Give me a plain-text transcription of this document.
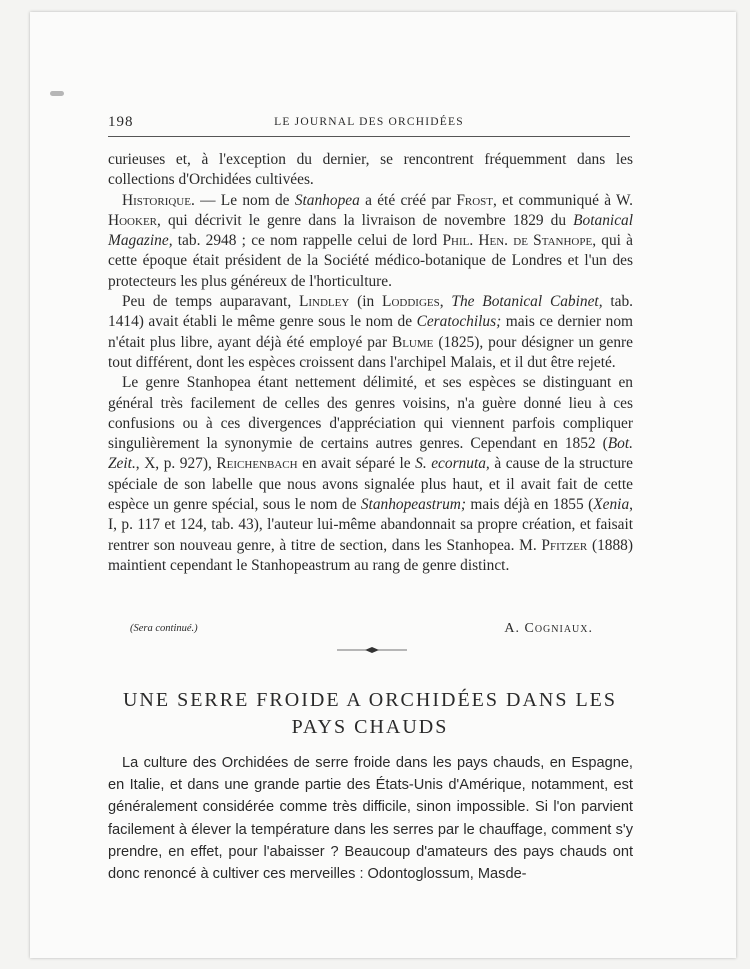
198	LE JOURNAL DES ORCHIDÉES

curieuses et, à l'exception du dernier, se rencontrent fréquemment dans les collections d'Orchidées cultivées.

Historique. — Le nom de Stanhopea a été créé par Frost, et communiqué à W. Hooker, qui décrivit le genre dans la livraison de novembre 1829 du Botanical Magazine, tab. 2948 ; ce nom rappelle celui de lord Phil. Hen. de Stanhope, qui à cette époque était président de la Société médico-botanique de Londres et l'un des protecteurs les plus généreux de l'horticulture.

Peu de temps auparavant, Lindley (in Loddiges, The Botanical Cabinet, tab. 1414) avait établi le même genre sous le nom de Ceratochilus; mais ce dernier nom n'était plus libre, ayant déjà été employé par Blume (1825), pour désigner un genre tout différent, dont les espèces croissent dans l'archipel Malais, et il dut être rejeté.

Le genre Stanhopea étant nettement délimité, et ses espèces se distinguant en général très facilement de celles des genres voisins, n'a guère donné lieu à ces confusions ou à ces divergences d'appréciation qui viennent parfois compliquer singulièrement la synonymie de certains autres genres. Cependant en 1852 (Bot. Zeit., X, p. 927), Reichenbach en avait séparé le S. ecornuta, à cause de la structure spéciale de son labelle que nous avons signalée plus haut, et il avait fait de cette espèce un genre spécial, sous le nom de Stanhopeastrum; mais déjà en 1855 (Xenia, I, p. 117 et 124, tab. 43), l'auteur lui-même abandonnait sa propre création, et faisait rentrer son nouveau genre, à titre de section, dans les Stanhopea. M. Pfitzer (1888) maintient cependant le Stanhopeastrum au rang de genre distinct.

(Sera continué.)	A. Cogniaux.
UNE SERRE FROIDE A ORCHIDÉES DANS LES
PAYS CHAUDS

La culture des Orchidées de serre froide dans les pays chauds, en Espagne, en Italie, et dans une grande partie des États-Unis d'Amérique, notamment, est généralement considérée comme très difficile, sinon impossible. Si l'on parvient facilement à élever la température dans les serres par le chauffage, comment s'y prendre, en effet, pour l'abaisser ? Beaucoup d'amateurs des pays chauds ont donc renoncé à cultiver ces merveilles : Odontoglossum, Masde-
